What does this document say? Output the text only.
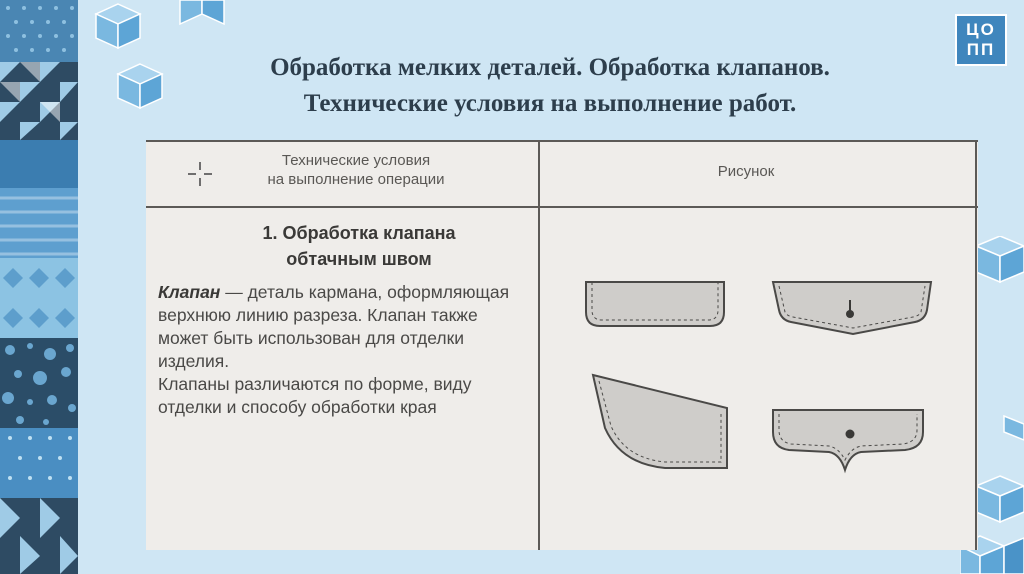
ЦО
ПП
Обработка мелких деталей. Обработка клапанов.
Технические условия на выполнение работ.
Технические условия
на выполнение операции	Рисунок
1. Обработка клапана
обтачным швом
Клапан — деталь кармана, оформляющая верхнюю линию разреза. Клапан также может быть использован для отделки изделия.
Клапаны различаются по форме, виду отделки и способу обработки края
